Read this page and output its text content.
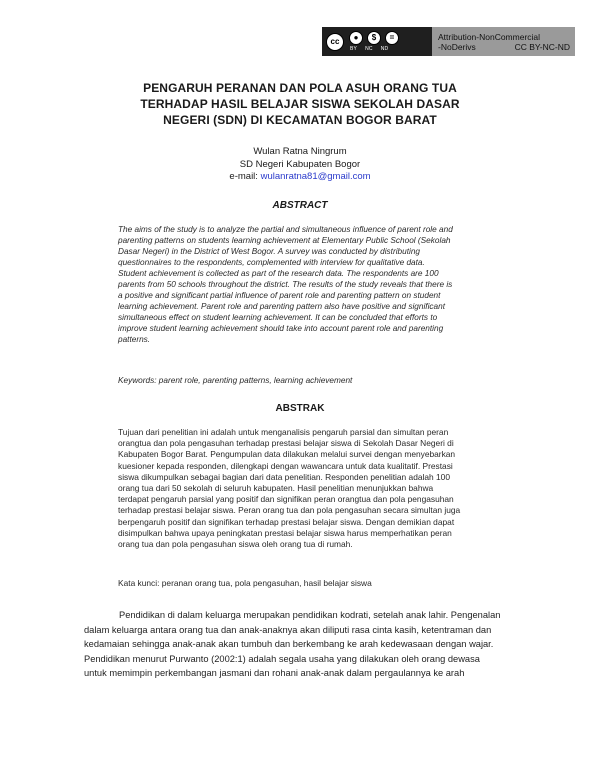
cc	●	$	=
BY NC ND
Attribution-NonCommercial
-NoDerivs	CC BY-NC-ND
PENGARUH PERANAN DAN POLA ASUH ORANG TUA
TERHADAP HASIL BELAJAR SISWA SEKOLAH DASAR
NEGERI (SDN) DI KECAMATAN BOGOR BARAT
Wulan Ratna Ningrum
SD Negeri Kabupaten Bogor
e-mail: wulanratna81@gmail.com
ABSTRACT
The aims of the study is to analyze the partial and simultaneous influence of parent role and
parenting patterns on students learning achievement at Elementary Public School (Sekolah
Dasar Negeri) in the District of West Bogor. A survey was conducted by distributing
questionnaires to the respondents, complemented with interview for qualitative data.
Student achievement is collected as part of the research data. The respondents are 100
parents from 50 schools throughout the district. The results of the study reveals that there is
a positive and significant partial influence of parent role and parenting pattern on student
learning achievement. Parent role and parenting pattern also have positive and significant
simultaneous effect on student learning achievement. It can be concluded that efforts to
improve student learning achievement should take into account parent role and parenting
patterns.
Keywords: parent role, parenting patterns, learning achievement
ABSTRAK
Tujuan dari penelitian ini adalah untuk menganalisis pengaruh parsial dan simultan peran
orangtua dan pola pengasuhan terhadap prestasi belajar siswa di Sekolah Dasar Negeri di
Kabupaten Bogor Barat. Pengumpulan data dilakukan melalui survei dengan menyebarkan
kuesioner kepada responden, dilengkapi dengan wawancara untuk data kualitatif. Prestasi
siswa dikumpulkan sebagai bagian dari data penelitian. Responden penelitian adalah 100
orang tua dari 50 sekolah di seluruh kabupaten. Hasil penelitian menunjukkan bahwa
terdapat pengaruh parsial yang positif dan signifikan peran orangtua dan pola pengasuhan
terhadap prestasi belajar siswa. Peran orang tua dan pola pengasuhan secara simultan juga
berpengaruh positif dan signifikan terhadap prestasi belajar siswa. Dengan demikian dapat
disimpulkan bahwa upaya peningkatan prestasi belajar siswa harus memperhatikan peran
orang tua dan pola pengasuhan siswa oleh orang tua di rumah.
Kata kunci: peranan orang tua, pola pengasuhan, hasil belajar siswa
Pendidikan di dalam keluarga merupakan pendidikan kodrati, setelah anak lahir. Pengenalan
dalam keluarga antara orang tua dan anak-anaknya akan diliputi rasa cinta kasih, ketentraman dan
kedamaian sehingga anak-anak akan tumbuh dan berkembang ke arah kedewasaan dengan wajar.
Pendidikan menurut Purwanto (2002:1) adalah segala usaha yang dilakukan oleh orang dewasa
untuk memimpin perkembangan jasmani dan rohani anak-anak dalam pergaulannya ke arah
